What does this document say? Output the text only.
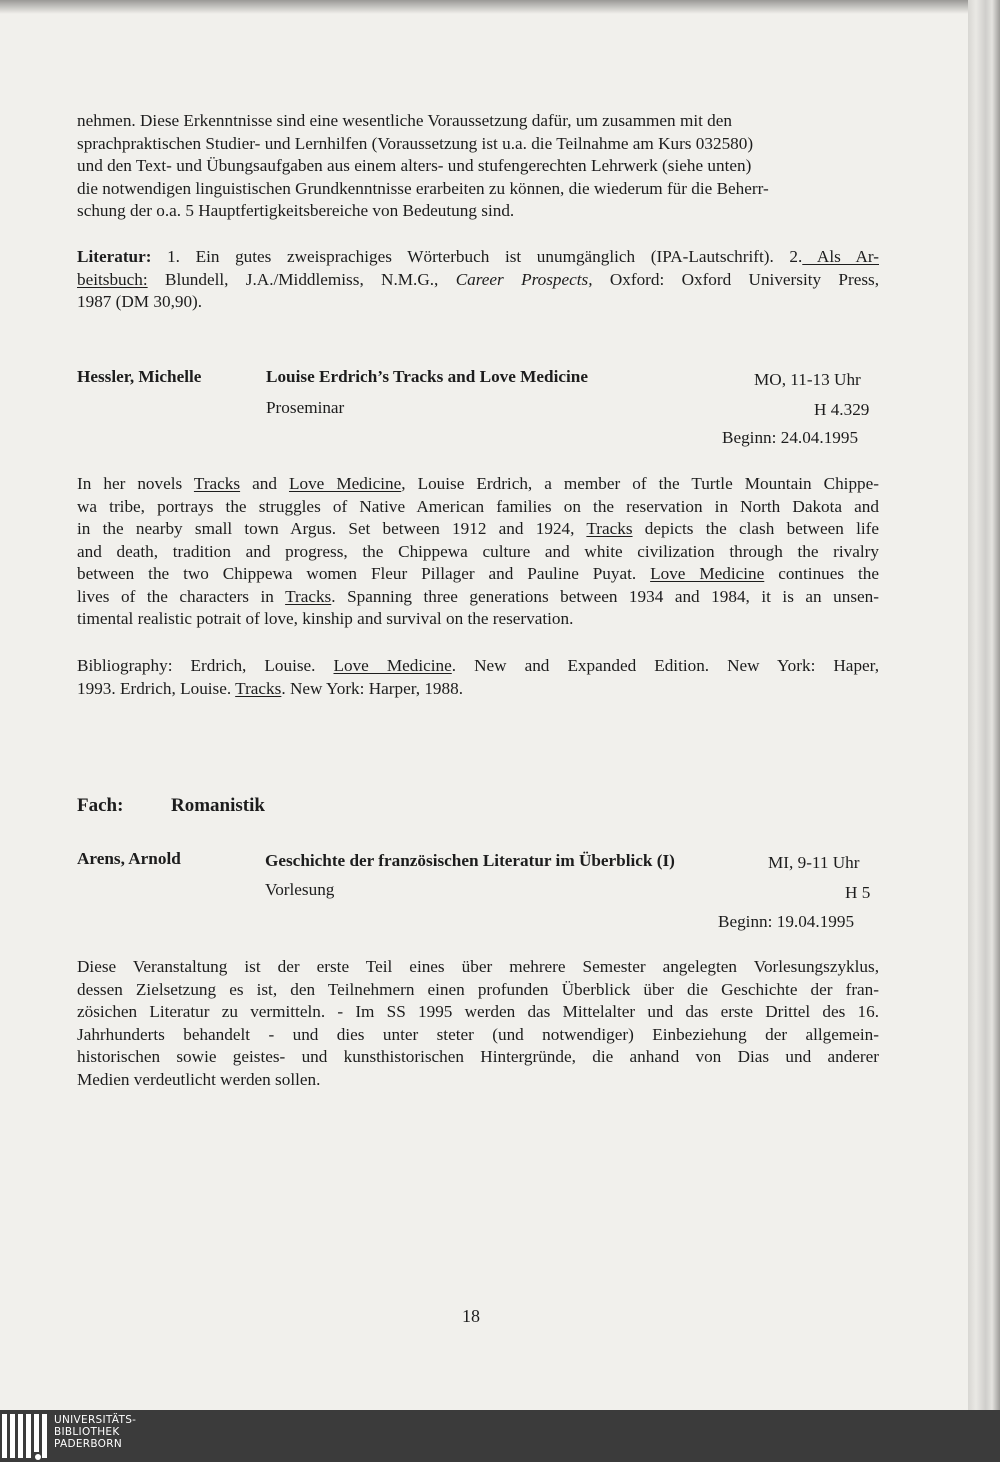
nehmen. Diese Erkenntnisse sind eine wesentliche Voraussetzung dafür, um zusammen mit den
sprachpraktischen Studier- und Lernhilfen (Voraussetzung ist u.a. die Teilnahme am Kurs 032580)
und den Text- und Übungsaufgaben aus einem alters- und stufengerechten Lehrwerk (siehe unten)
die notwendigen linguistischen Grundkenntnisse erarbeiten zu können, die wiederum für die Beherr-
schung der o.a. 5 Hauptfertigkeitsbereiche von Bedeutung sind.
Literatur: 1. Ein gutes zweisprachiges Wörterbuch ist unumgänglich (IPA-Lautschrift). 2. Als Ar-
beitsbuch: Blundell, J.A./Middlemiss, N.M.G., Career Prospects, Oxford: Oxford University Press,
1987 (DM 30,90).
Hessler, Michelle	Louise Erdrich’s Tracks and Love Medicine	MO, 11-13 Uhr
Proseminar	H 4.329
Beginn: 24.04.1995
In her novels Tracks and Love Medicine, Louise Erdrich, a member of the Turtle Mountain Chippe-
wa tribe, portrays the struggles of Native American families on the reservation in North Dakota and
in the nearby small town Argus. Set between 1912 and 1924, Tracks depicts the clash between life
and death, tradition and progress, the Chippewa culture and white civilization through the rivalry
between the two Chippewa women Fleur Pillager and Pauline Puyat. Love Medicine continues the
lives of the characters in Tracks. Spanning three generations between 1934 and 1984, it is an unsen-
timental realistic potrait of love, kinship and survival on the reservation.
Bibliography: Erdrich, Louise. Love Medicine. New and Expanded Edition. New York: Haper,
1993. Erdrich, Louise. Tracks. New York: Harper, 1988.
Fach:	Romanistik
Arens, Arnold	Geschichte der französischen Literatur im Überblick (I)	MI, 9-11 Uhr
Vorlesung	H 5
Beginn: 19.04.1995
Diese Veranstaltung ist der erste Teil eines über mehrere Semester angelegten Vorlesungszyklus,
dessen Zielsetzung es ist, den Teilnehmern einen profunden Überblick über die Geschichte der fran-
zösichen Literatur zu vermitteln. - Im SS 1995 werden das Mittelalter und das erste Drittel des 16.
Jahrhunderts behandelt - und dies unter steter (und notwendiger) Einbeziehung der allgemein-
historischen sowie geistes- und kunsthistorischen Hintergründe, die anhand von Dias und anderer
Medien verdeutlicht werden sollen.
18
UNIVERSITÄTS-
BIBLIOTHEK
PADERBORN
